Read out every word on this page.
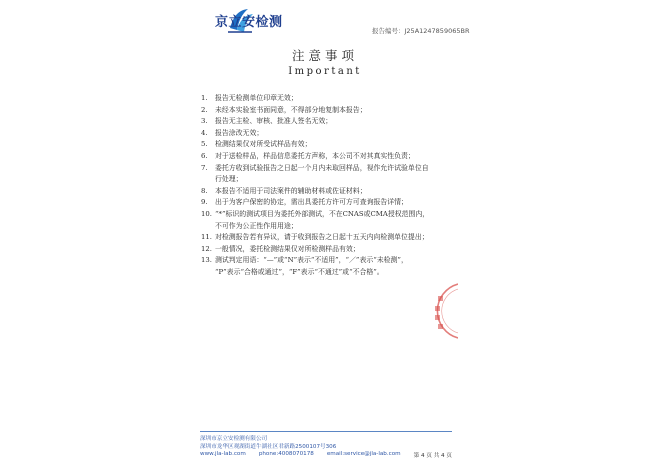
京立安检测
报告编号：J25A1247859065BR
注意事项
Important
1.	报告无检测单位印章无效；
2.	未经本实验室书面同意，不得部分地复制本报告；
3.	报告无主检、审核、批准人签名无效；
4.	报告涂改无效；
5.	检测结果仅对所受试样品有效；
6.	对于送检样品，样品信息委托方声称，本公司不对其真实性负责；
7.	委托方收到试验报告之日起一个月内未取回样品，视作允许试验单位自
行处理；
8.	本报告不适用于司法案件的辅助材料或佐证材料；
9.	出于为客户保密的协定，需出具委托方许可方可查询报告详情；
10. “*”标识的测试项目为委托外部测试，不在CNAS或CMA授权范围内，
不可作为公正性作用用途；
11. 对检测报告若有异议，请于收到报告之日起十五天内向检测单位提出；
12. 一般情况，委托检测结果仅对所检测样品有效；
13. 测试判定用语：“—”或“N”表示“不适用”，“／”表示“未检测”，
“P”表示“合格或通过”，“F”表示“不通过”或“不合格”。
深圳市京立安检测有限公司
深圳市龙华区观湖街道牛湖社区君新路2500107号306
www.jla-lab.com phone:4008070178 email:service@jla-lab.com 第 4 页 共 4 页
